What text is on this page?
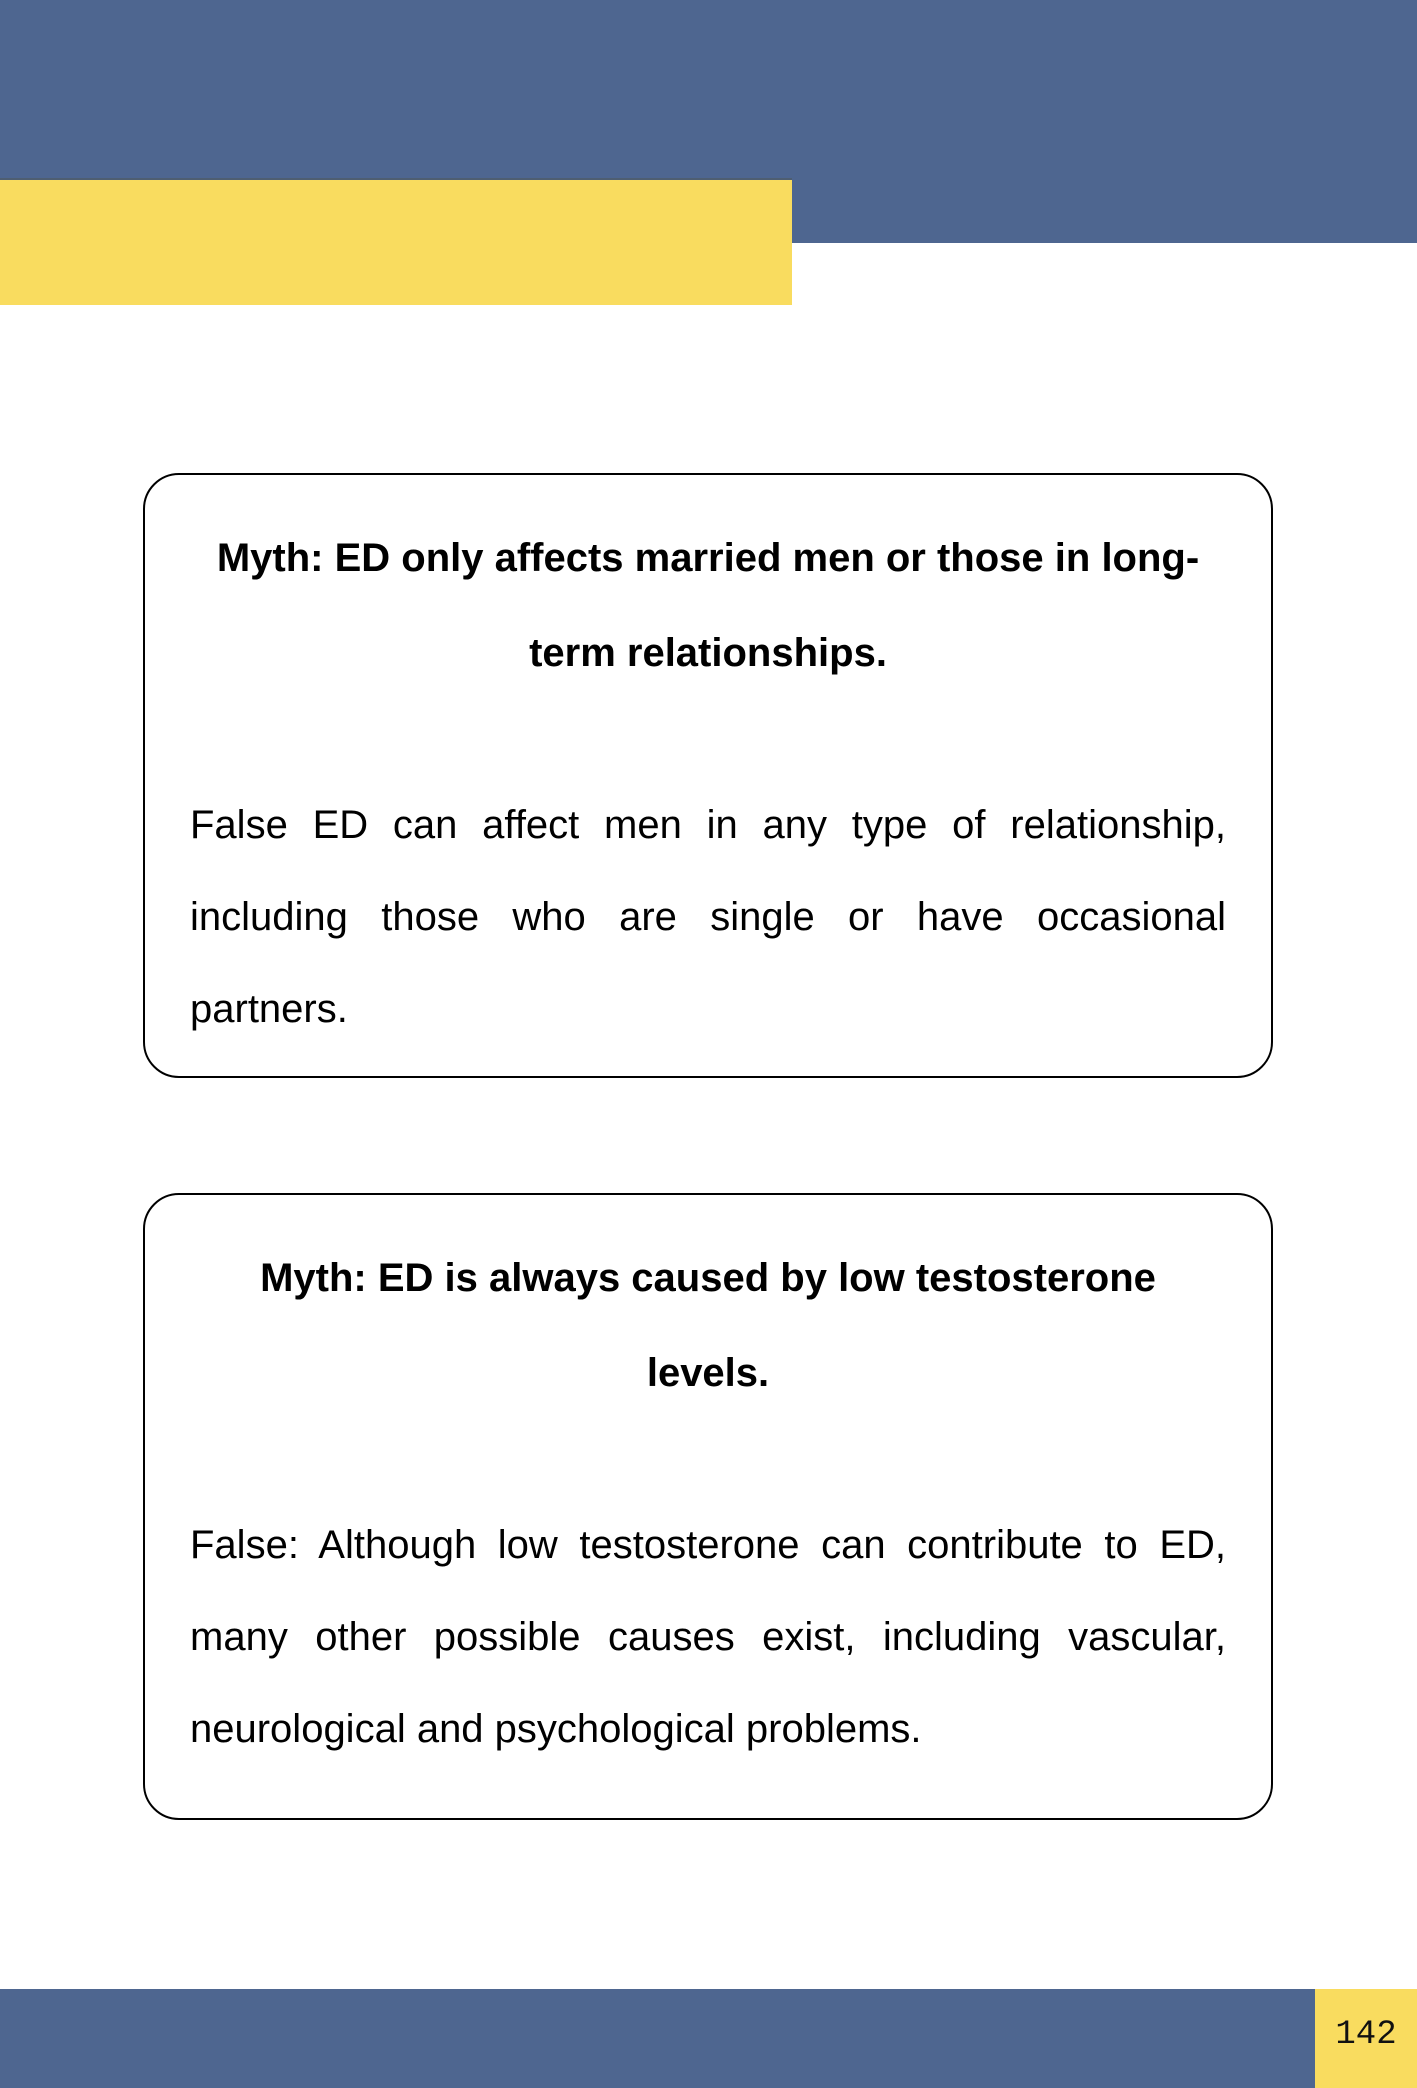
Myth: ED only affects married men or those in long-
term relationships.
False ED can affect men in any type of relationship,
including those who are single or have occasional
partners.
Myth: ED is always caused by low testosterone
levels.
False: Although low testosterone can contribute to ED,
many other possible causes exist, including vascular,
neurological and psychological problems.
142
